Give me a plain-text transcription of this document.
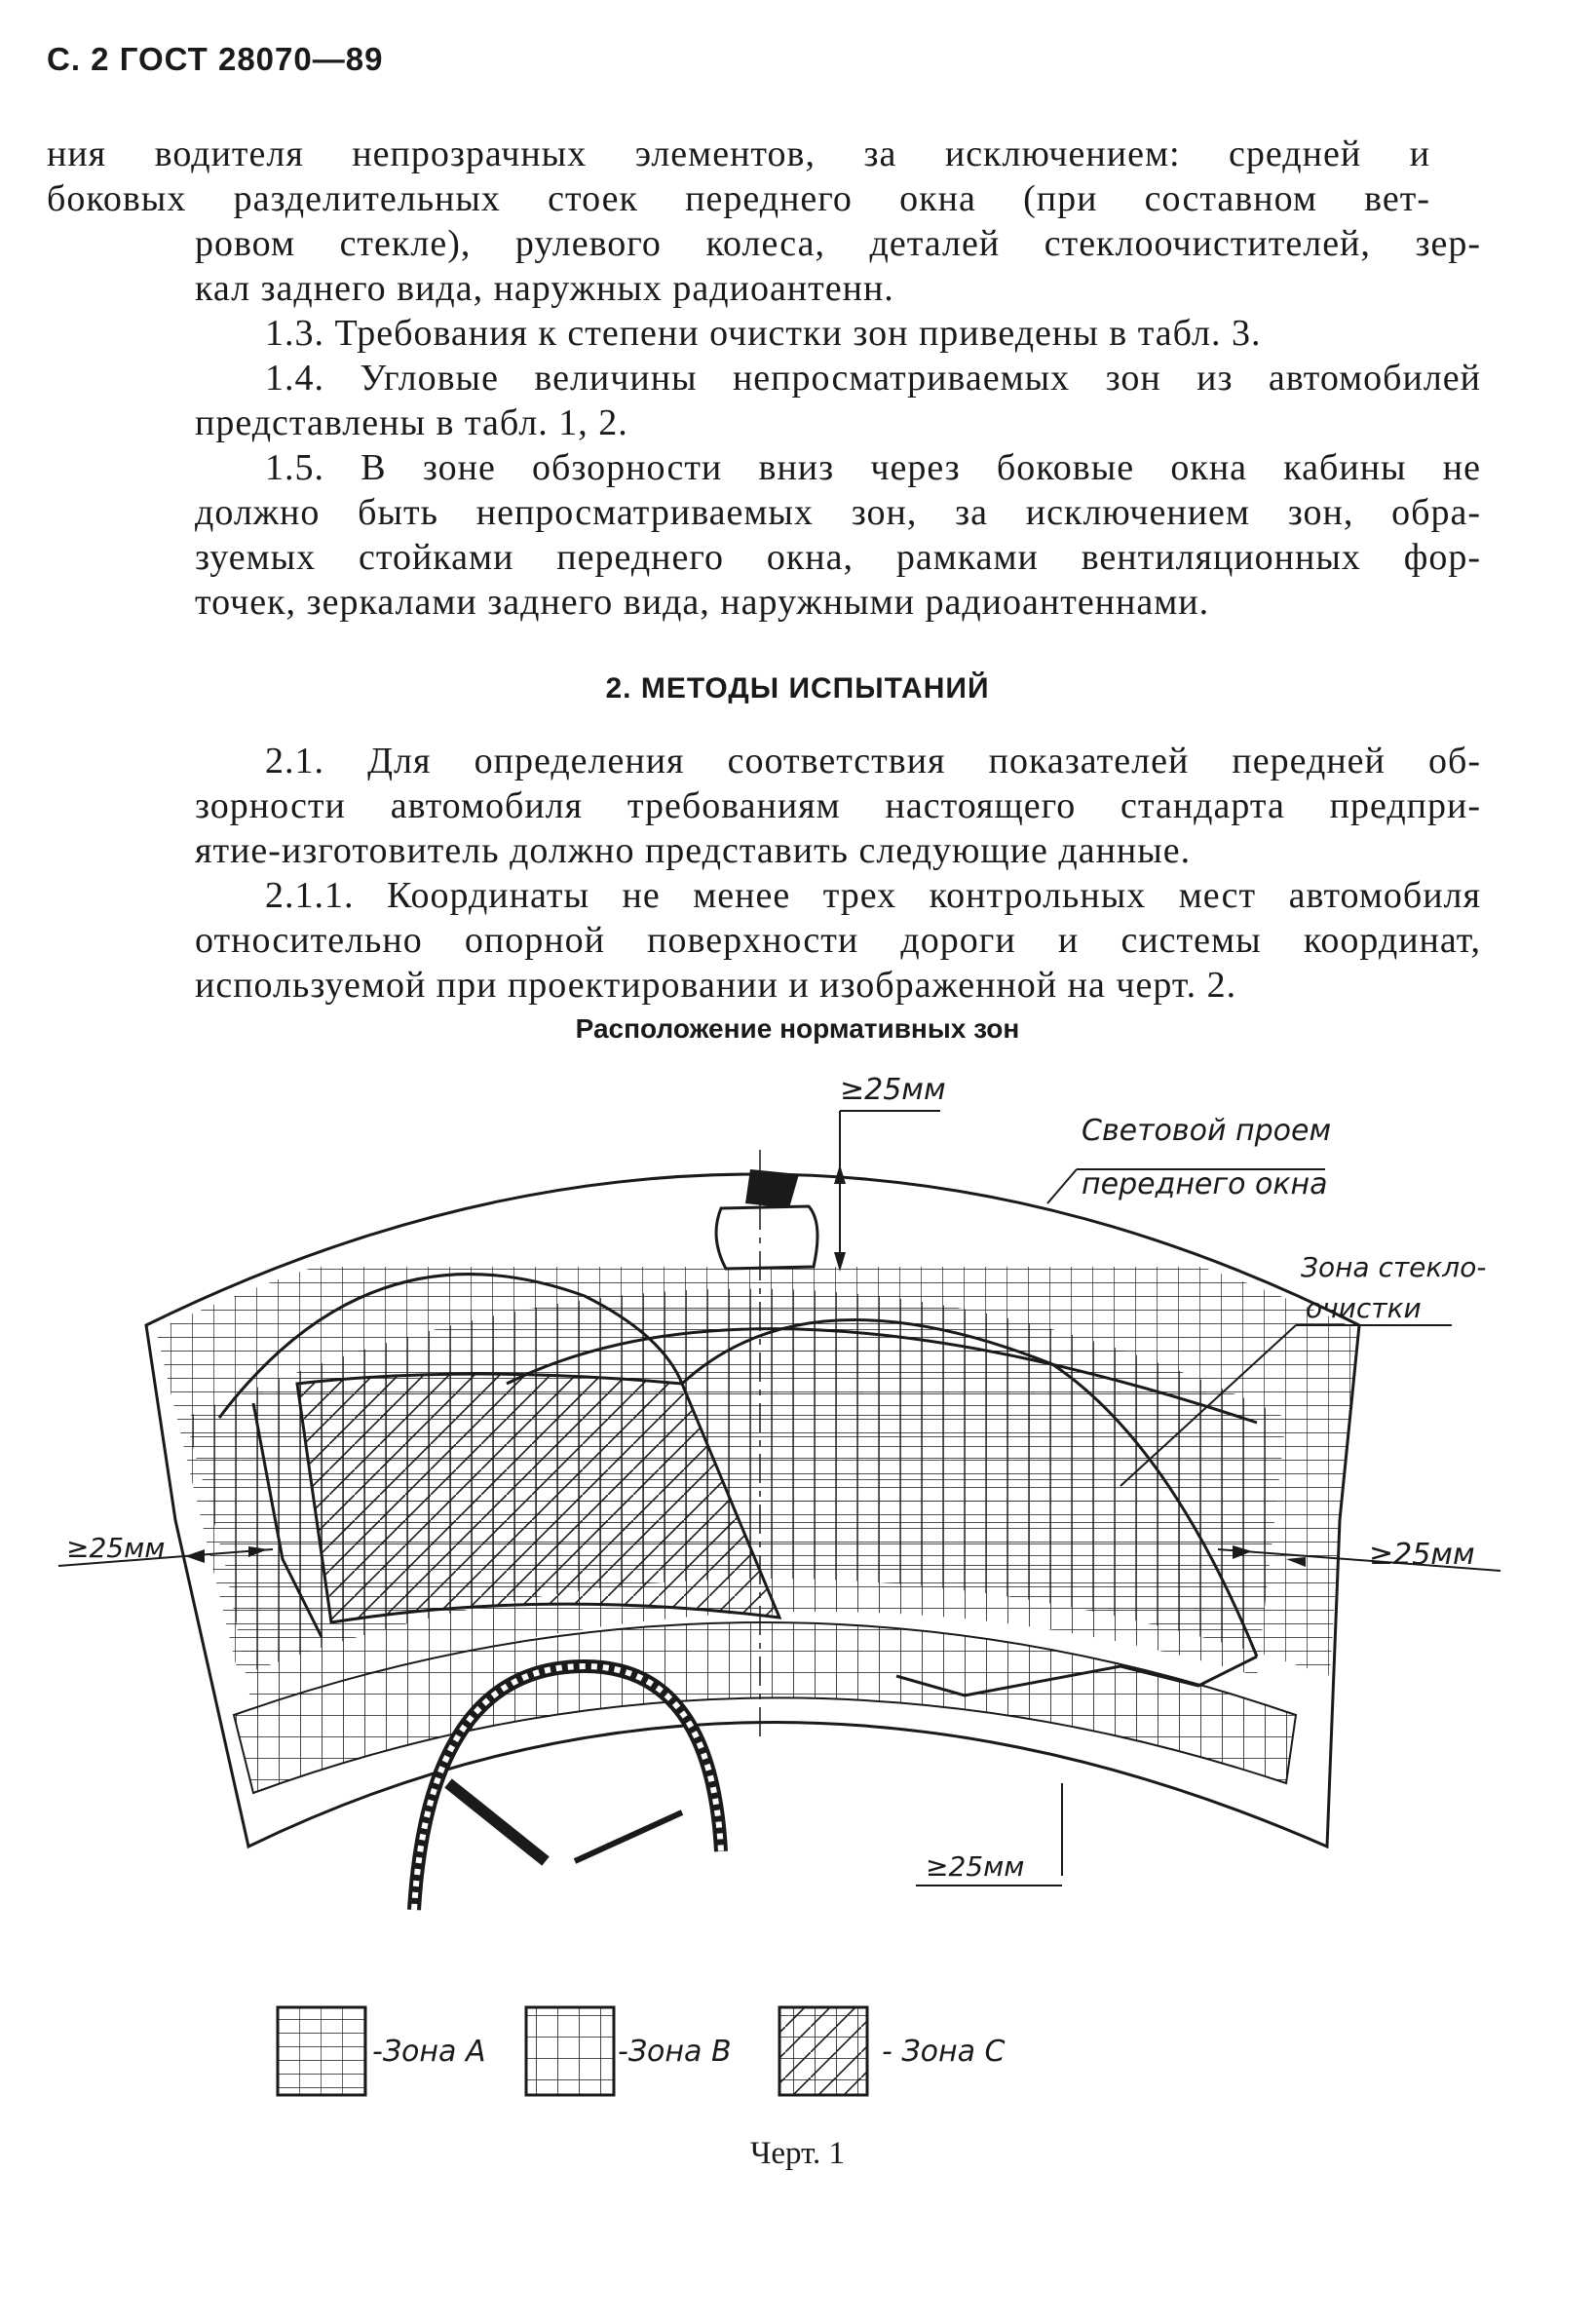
С. 2 ГОСТ 28070—89
ния водителя непрозрачных элементов, за исключением: средней и
боковых разделительных стоек переднего окна (при составном вет-
ровом стекле), рулевого колеса, деталей стеклоочистителей, зер-
кал заднего вида, наружных радиоантенн.
1.3. Требования к степени очистки зон приведены в табл. 3.
1.4. Угловые величины непросматриваемых зон из автомобилей
представлены в табл. 1, 2.
1.5. В зоне обзорности вниз через боковые окна кабины не
должно быть непросматриваемых зон, за исключением зон, обра-
зуемых стойками переднего окна, рамками вентиляционных фор-
точек, зеркалами заднего вида, наружными радиоантеннами.
2. МЕТОДЫ ИСПЫТАНИЙ
2.1. Для определения соответствия показателей передней об-
зорности автомобиля требованиям настоящего стандарта предпри-
ятие-изготовитель должно представить следующие данные.
2.1.1. Координаты не менее трех контрольных мест автомобиля
относительно опорной поверхности дороги и системы координат,
используемой при проектировании и изображенной на черт. 2.
Расположение нормативных зон
≥25мм
≥25мм	≥25мм
≥25мм
Световой проем
переднего окна
Зона стекло-
очистки
-Зона А	-Зона В	- Зона С
Черт. 1
